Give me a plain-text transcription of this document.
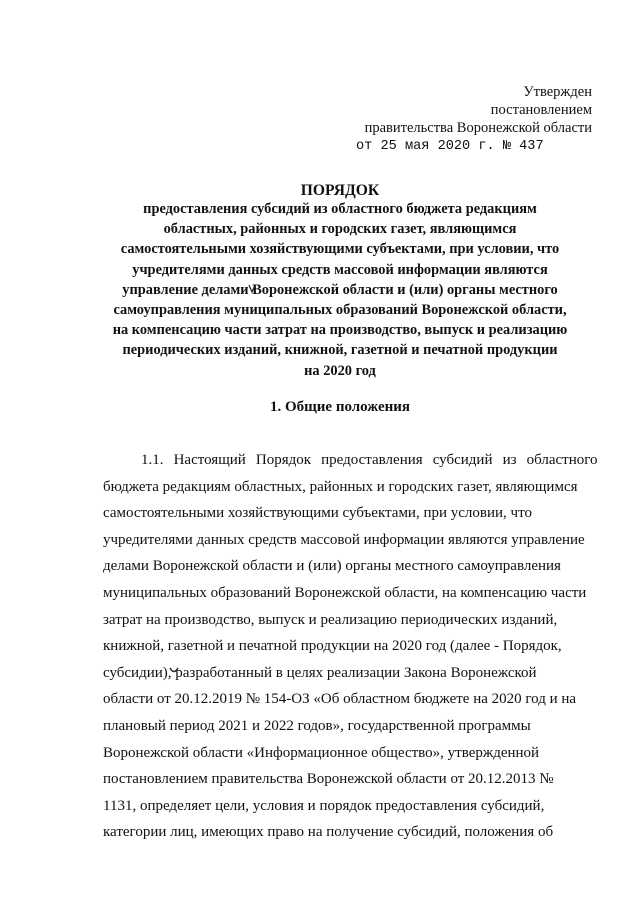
Утвержден
постановлением
правительства Воронежской области
от 25 мая 2020 г. № 437
ПОРЯДОК
предоставления субсидий из областного бюджета редакциям
областных, районных и городских газет, являющимся
самостоятельными хозяйствующими субъектами, при условии, что
учредителями данных средств массовой информации являются
управление делами Воронежской области и (или) органы местного
самоуправления муниципальных образований Воронежской области,
на компенсацию части затрат на производство, выпуск и реализацию
периодических изданий, книжной, газетной и печатной продукции
на 2020 год
1. Общие положения
1.1. Настоящий Порядок предоставления субсидий из областного
бюджета редакциям областных, районных и городских газет, являющимся
самостоятельными хозяйствующими субъектами, при условии, что
учредителями данных средств массовой информации являются управление
делами Воронежской области и (или) органы местного самоуправления
муниципальных образований Воронежской области, на компенсацию части
затрат на производство, выпуск и реализацию периодических изданий,
книжной, газетной и печатной продукции на 2020 год (далее - Порядок,
субсидии), разработанный в целях реализации Закона Воронежской
области от 20.12.2019 № 154-ОЗ «Об областном бюджете на 2020 год и на
плановый период 2021 и 2022 годов», государственной программы
Воронежской области «Информационное общество», утвержденной
постановлением правительства Воронежской области от 20.12.2013 №
1131, определяет цели, условия и порядок предоставления субсидий,
категории лиц, имеющих право на получение субсидий, положения об
